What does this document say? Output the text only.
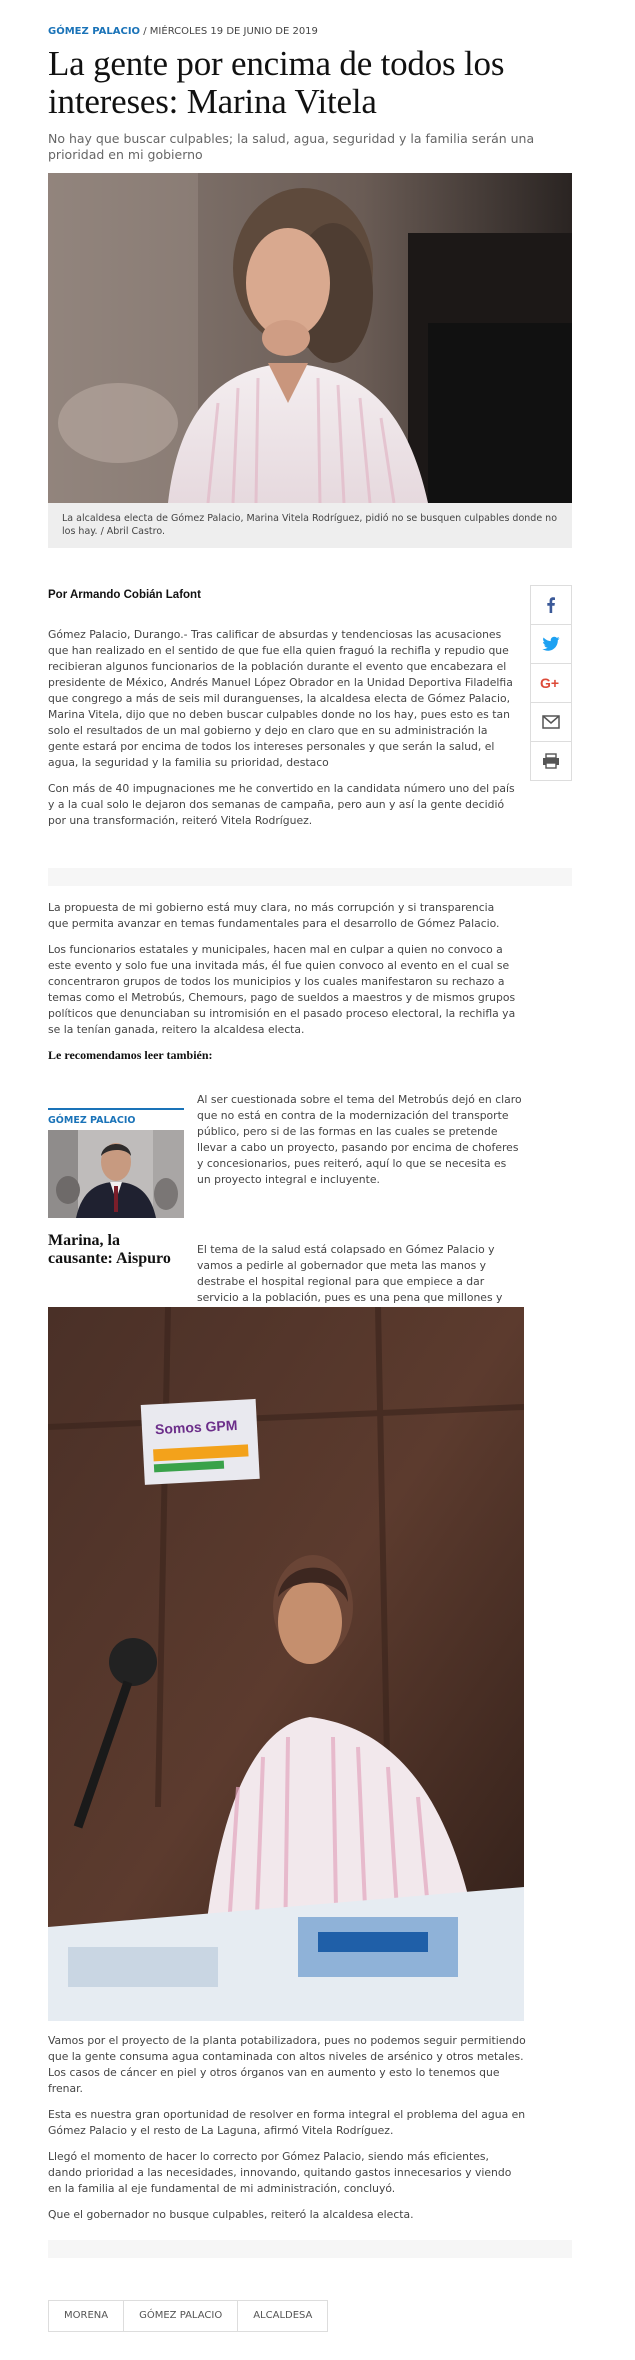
GÓMEZ PALACIO / MIÉRCOLES 19 DE JUNIO DE 2019
La gente por encima de todos los intereses: Marina Vitela
No hay que buscar culpables; la salud, agua, seguridad y la familia serán una prioridad en mi gobierno
La alcaldesa electa de Gómez Palacio, Marina Vitela Rodríguez, pidió no se busquen culpables donde no los hay. / Abril Castro.
Por Armando Cobián Lafont

Gómez Palacio, Durango.- Tras calificar de absurdas y tendenciosas las acusaciones que han realizado en el sentido de que fue ella quien fraguó la rechifla y repudio que recibieran algunos funcionarios de la población durante el evento que encabezara el presidente de México, Andrés Manuel López Obrador en la Unidad Deportiva Filadelfia que congrego a más de seis mil duranguenses, la alcaldesa electa de Gómez Palacio, Marina Vitela, dijo que no deben buscar culpables donde no los hay, pues esto es tan solo el resultados de un mal gobierno y dejo en claro que en su administración la gente estará por encima de todos los intereses personales y que serán la salud, el agua, la seguridad y la familia su prioridad, destaco

Con más de 40 impugnaciones me he convertido en la candidata número uno del país y a la cual solo le dejaron dos semanas de campaña, pero aun y así la gente decidió por una transformación, reiteró Vitela Rodríguez.

G+

La propuesta de mi gobierno está muy clara, no más corrupción y si transparencia que permita avanzar en temas fundamentales para el desarrollo de Gómez Palacio.

Los funcionarios estatales y municipales, hacen mal en culpar a quien no convoco a este evento y solo fue una invitada más, él fue quien convoco al evento en el cual se concentraron grupos de todos los municipios y los cuales manifestaron su rechazo a temas como el Metrobús, Chemours, pago de sueldos a maestros y de mismos grupos políticos que denunciaban su intromisión en el pasado proceso electoral, la rechifla ya se la tenían ganada, reitero la alcaldesa electa.

Le recomendamos leer también:
GÓMEZ PALACIO
Marina, la causante: Aispuro

Al ser cuestionada sobre el tema del Metrobús dejó en claro que no está en contra de la modernización del transporte público, pero si de las formas en las cuales se pretende llevar a cabo un proyecto, pasando por encima de choferes y concesionarios, pues reiteró, aquí lo que se necesita es un proyecto integral e incluyente.

El tema de la salud está colapsado en Gómez Palacio y vamos a pedirle al gobernador que meta las manos y destrabe el hospital regional para que empiece a dar servicio a la población, pues es una pena que millones y

Somos GPM

Vamos por el proyecto de la planta potabilizadora, pues no podemos seguir permitiendo que la gente consuma agua contaminada con altos niveles de arsénico y otros metales. Los casos de cáncer en piel y otros órganos van en aumento y esto lo tenemos que frenar.

Esta es nuestra gran oportunidad de resolver en forma integral el problema del agua en Gómez Palacio y el resto de La Laguna, afirmó Vitela Rodríguez.

Llegó el momento de hacer lo correcto por Gómez Palacio, siendo más eficientes, dando prioridad a las necesidades, innovando, quitando gastos innecesarios y viendo en la familia al eje fundamental de mi administración, concluyó.

Que el gobernador no busque culpables, reiteró la alcaldesa electa.

MORENA	GÓMEZ PALACIO	ALCALDESA
